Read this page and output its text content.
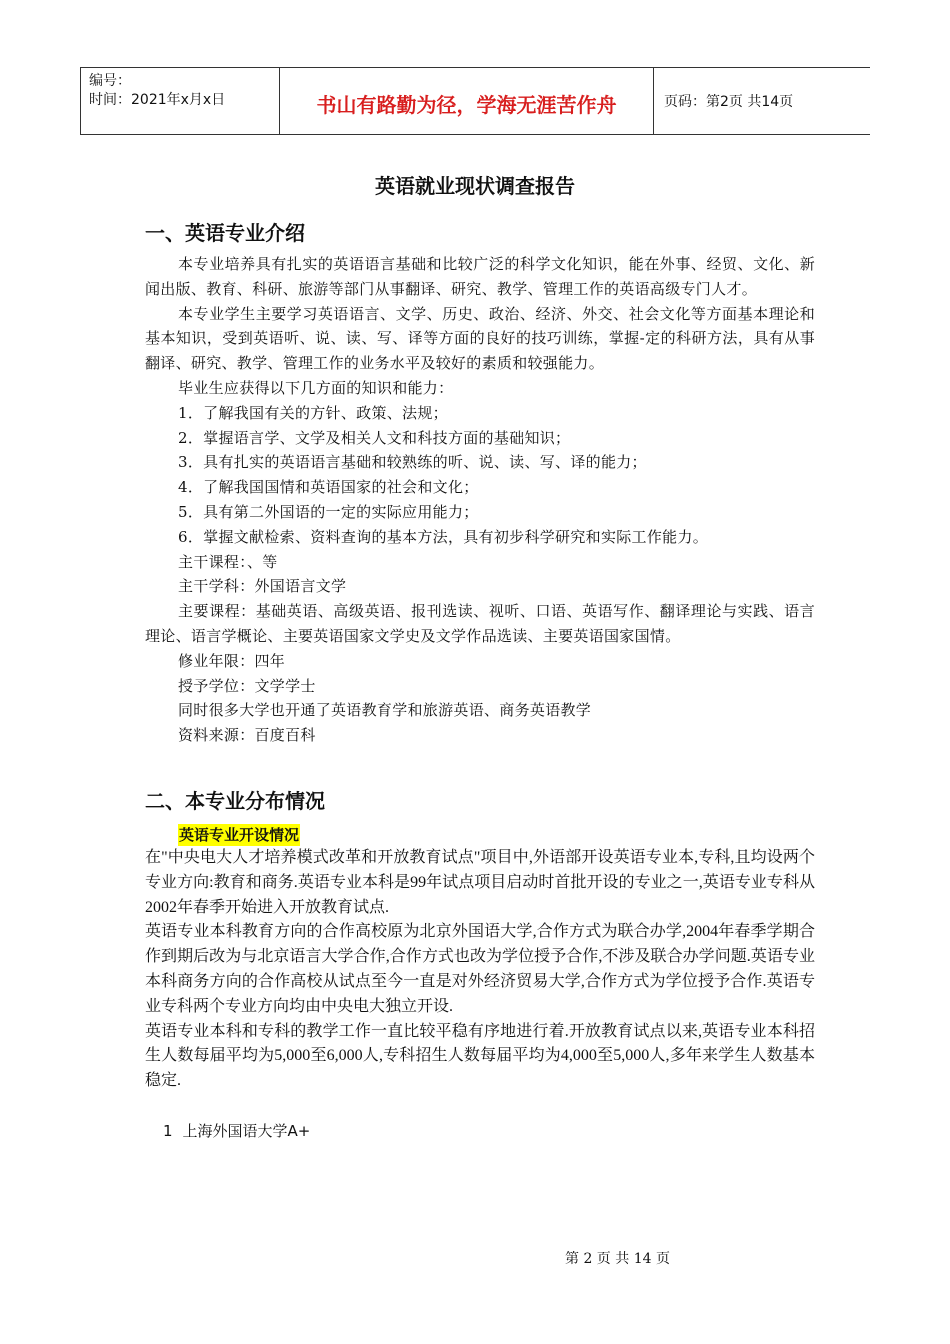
编号：
时间：2021年x月x日	书山有路勤为径，学海无涯苦作舟	页码：第2页 共14页
英语就业现状调查报告
一、英语专业介绍

本专业培养具有扎实的英语语言基础和比较广泛的科学文化知识，能在外事、经贸、文化、新闻出版、教育、科研、旅游等部门从事翻译、研究、教学、管理工作的英语高级专门人才。

本专业学生主要学习英语语言、文学、历史、政治、经济、外交、社会文化等方面基本理论和基本知识，受到英语听、说、读、写、译等方面的良好的技巧训练，掌握-定的科研方法，具有从事翻译、研究、教学、管理工作的业务水平及较好的素质和较强能力。

毕业生应获得以下几方面的知识和能力：

1．了解我国有关的方针、政策、法规；

2．掌握语言学、文学及相关人文和科技方面的基础知识；

3．具有扎实的英语语言基础和较熟练的听、说、读、写、译的能力；

4．了解我国国情和英语国家的社会和文化；

5．具有第二外国语的一定的实际应用能力；

6．掌握文献检索、资料查询的基本方法，具有初步科学研究和实际工作能力。

主干课程：、等

主干学科：外国语言文学

主要课程：基础英语、高级英语、报刊选读、视听、口语、英语写作、翻译理论与实践、语言理论、语言学概论、主要英语国家文学史及文学作品选读、主要英语国家国情。

修业年限：四年

授予学位：文学学士

同时很多大学也开通了英语教育学和旅游英语、商务英语教学

资料来源：百度百科

二、本专业分布情况
英语专业开设情况

在"中央电大人才培养模式改革和开放教育试点"项目中,外语部开设英语专业本,专科,且均设两个专业方向:教育和商务.英语专业本科是99年试点项目启动时首批开设的专业之一,英语专业专科从2002年春季开始进入开放教育试点.

英语专业本科教育方向的合作高校原为北京外国语大学,合作方式为联合办学,2004年春季学期合作到期后改为与北京语言大学合作,合作方式也改为学位授予合作,不涉及联合办学问题.英语专业本科商务方向的合作高校从试点至今一直是对外经济贸易大学,合作方式为学位授予合作.英语专业专科两个专业方向均由中央电大独立开设.

英语专业本科和专科的教学工作一直比较平稳有序地进行着.开放教育试点以来,英语专业本科招生人数每届平均为5,000至6,000人,专科招生人数每届平均为4,000至5,000人,多年来学生人数基本稳定.

1 上海外国语大学A+
第 2 页 共 14 页
